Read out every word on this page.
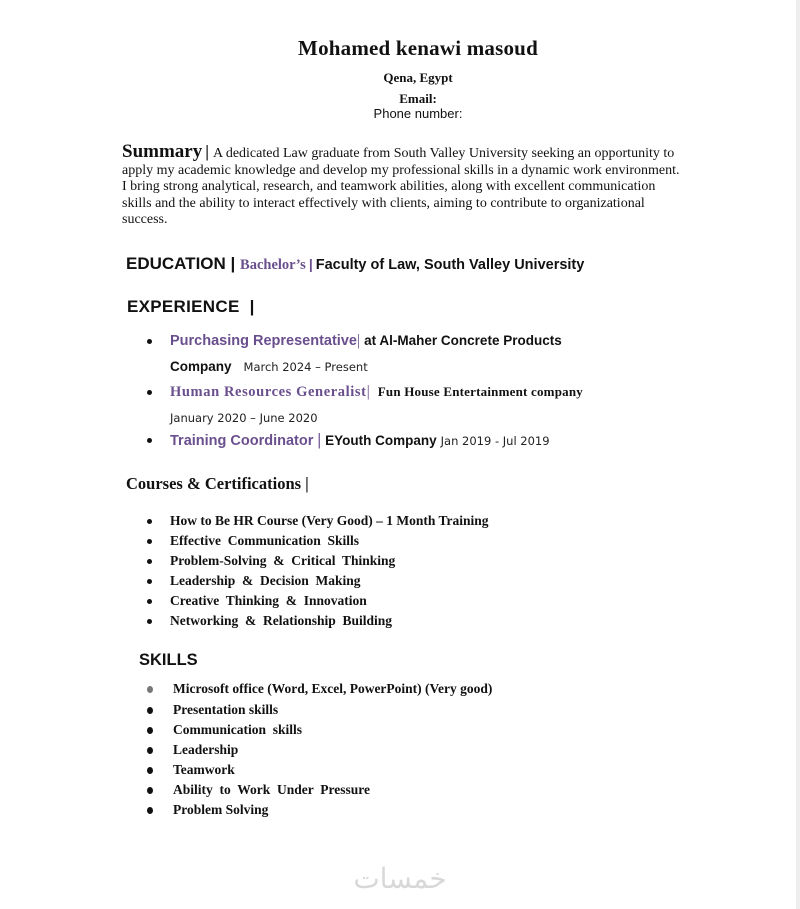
Mohamed kenawi masoud
Qena, Egypt
Email:
Phone number:
Summary | A dedicated Law graduate from South Valley University seeking an opportunity to apply my academic knowledge and develop my professional skills in a dynamic work environment. I bring strong analytical, research, and teamwork abilities, along with excellent communication skills and the ability to interact effectively with clients, aiming to contribute to organizational success.
EDUCATION | Bachelor’s | Faculty of Law, South Valley University
EXPERIENCE |
Purchasing Representative| at Al-Maher Concrete Products
Company March 2024 – Present
Human Resources Generalist| Fun House Entertainment company
January 2020 – June 2020
Training Coordinator | EYouth Company Jan 2019 - Jul 2019
Courses & Certifications |
How to Be HR Course (Very Good) – 1 Month Training
Effective  Communication  Skills
Problem-Solving  &  Critical  Thinking
Leadership  &  Decision  Making
Creative  Thinking  &  Innovation
Networking  &  Relationship  Building
SKILLS
Microsoft office (Word, Excel, PowerPoint) (Very good)
Presentation skills
Communication  skills
Leadership
Teamwork
Ability  to  Work  Under  Pressure
Problem Solving
خمسات
